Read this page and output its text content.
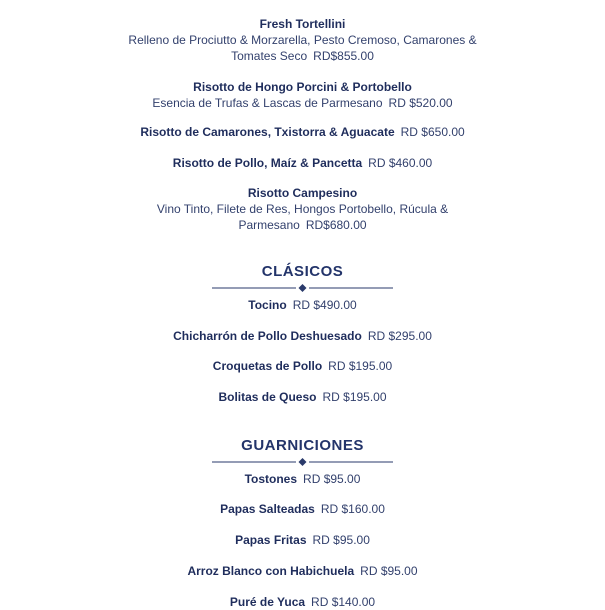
Fresh Tortellini
Relleno de Prociutto & Morzarella, Pesto Cremoso, Camarones &
Tomates Seco RD$855.00
Risotto de Hongo Porcini & Portobello
Esencia de Trufas & Lascas de Parmesano RD $520.00
Risotto de Camarones, Txistorra & Aguacate RD $650.00
Risotto de Pollo, Maíz & Pancetta RD $460.00
Risotto Campesino
Vino Tinto, Filete de Res, Hongos Portobello, Rúcula &
Parmesano RD$680.00
CLÁSICOS
Tocino RD $490.00
Chicharrón de Pollo Deshuesado RD $295.00
Croquetas de Pollo RD $195.00
Bolitas de Queso RD $195.00
GUARNICIONES
Tostones RD $95.00
Papas Salteadas RD $160.00
Papas Fritas RD $95.00
Arroz Blanco con Habichuela RD $95.00
Puré de Yuca RD $140.00
